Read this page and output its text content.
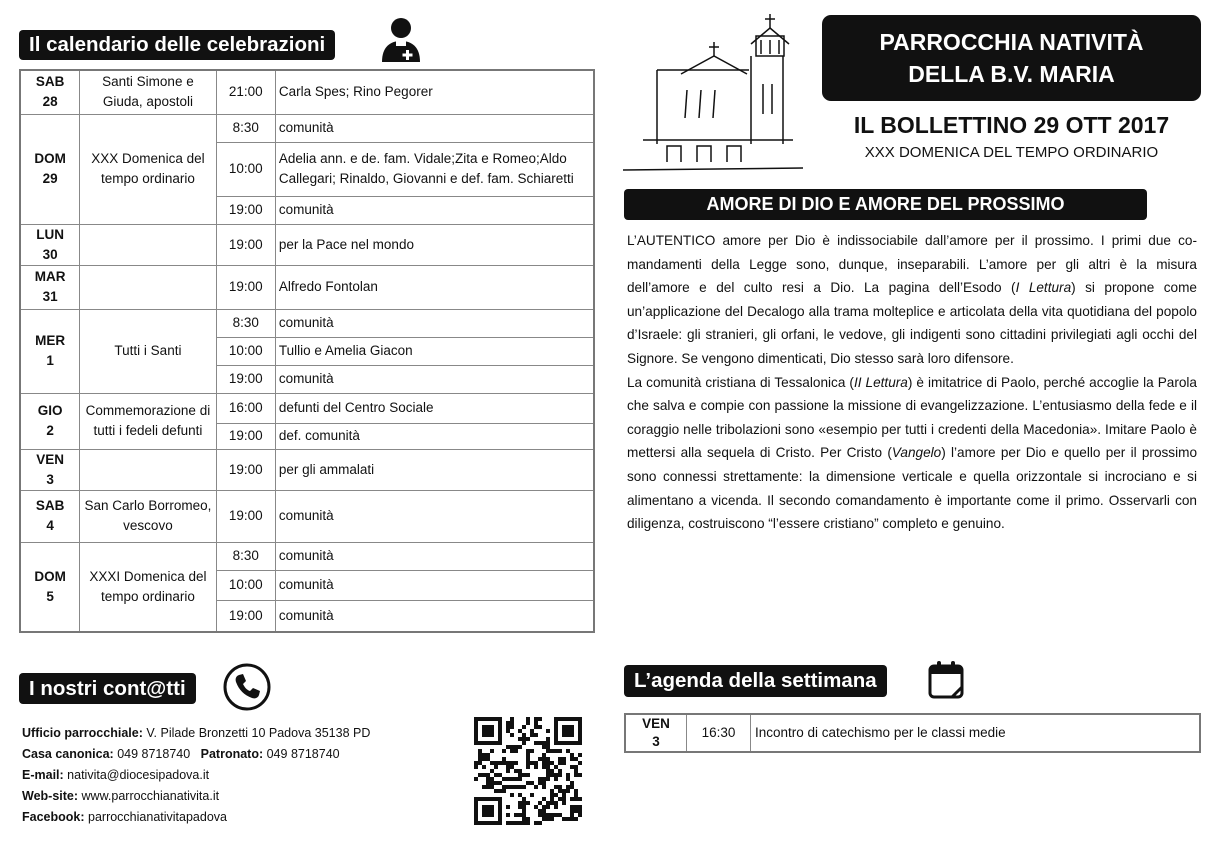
Il calendario delle celebrazioni
SAB
28	Santi Simone e Giuda, apostoli	21:00	Carla Spes; Rino Pegorer

DOM
29	XXX Domenica del tempo ordinario	8:30	comunità
		10:00	Adelia ann. e de. fam. Vidale;Zita e Romeo;Aldo Callegari; Rinaldo, Giovanni e def. fam. Schiaretti
		19:00	comunità

LUN
30		19:00	per la Pace nel mondo

MAR
31		19:00	Alfredo Fontolan

MER
1	Tutti i Santi	8:30	comunità
		10:00	Tullio e Amelia Giacon
		19:00	comunità

GIO
2	Commemorazione di tutti i fedeli defunti	16:00	defunti del Centro Sociale
		19:00	def. comunità

VEN
3		19:00	per gli ammalati

SAB
4	San Carlo Borromeo, vescovo	19:00	comunità

DOM
5	XXXI Domenica del tempo ordinario	8:30	comunità
		10:00	comunità
		19:00	comunità
PARROCCHIA NATIVITÀ
DELLA B.V. MARIA
IL BOLLETTINO 29 OTT 2017
XXX DOMENICA DEL TEMPO ORDINARIO
AMORE DI DIO E AMORE DEL PROSSIMO

L’AUTENTICO amore per Dio è indissociabile dall’amore per il prossimo. I primi due comandamenti della Legge sono, dunque, inseparabili. L’amore per gli altri è la misura dell’amore e del culto resi a Dio. La pagina dell’Esodo (I Lettura) si propone come un’applicazione del Decalogo alla trama molteplice e articolata della vita quotidiana del popolo d’Israele: gli stranieri, gli orfani, le vedove, gli indigenti sono cittadini privilegiati agli occhi del Signore. Se vengono dimenticati, Dio stesso sarà loro difensore.

La comunità cristiana di Tessalonica (II Lettura) è imitatrice di Paolo, perché accoglie la Parola che salva e compie con passione la missione di evangelizzazione. L’entusiasmo della fede e il coraggio nelle tribolazioni sono «esempio per tutti i credenti della Macedonia». Imitare Paolo è mettersi alla sequela di Cristo. Per Cristo (Vangelo) l’amore per Dio e quello per il prossimo sono connessi strettamente: la dimensione verticale e quella orizzontale si incrociano e si alimentano a vicenda. Il secondo comandamento è importante come il primo. Osservarli con diligenza, costruiscono “l’essere cristiano” completo e genuino.

I nostri cont@tti
Ufficio parrocchiale: V. Pilade Bronzetti 10 Padova 35138 PD
Casa canonica: 049 8718740 Patronato: 049 8718740
E-mail: nativita@diocesipadova.it
Web-site: www.parrocchianativita.it
Facebook: parrocchianativitapadova
L’agenda della settimana
VEN
3
	16:30	Incontro di catechismo per le classi medie
